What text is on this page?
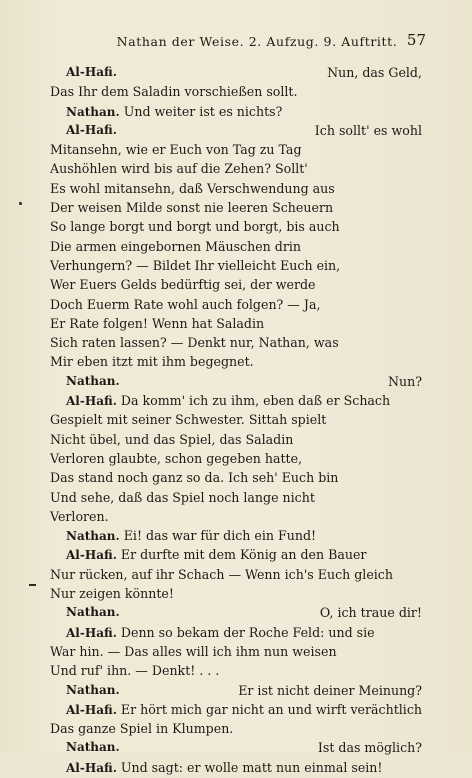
Nathan der Weise. 2. Aufzug. 9. Auftritt. 57
Al-Hafi.	Nun, das Geld,
Das Ihr dem Saladin vorschießen sollt.
Nathan. Und weiter ist es nichts?
Al-Hafi.	Ich sollt' es wohl
Mitansehn, wie er Euch von Tag zu Tag
Aushöhlen wird bis auf die Zehen? Sollt'
Es wohl mitansehn, daß Verschwendung aus
Der weisen Milde sonst nie leeren Scheuern
So lange borgt und borgt und borgt, bis auch
Die armen eingebornen Mäuschen drin
Verhungern? — Bildet Ihr vielleicht Euch ein,
Wer Euers Gelds bedürftig sei, der werde
Doch Euerm Rate wohl auch folgen? — Ja,
Er Rate folgen! Wenn hat Saladin
Sich raten lassen? — Denkt nur, Nathan, was
Mir eben itzt mit ihm begegnet.
Nathan.	Nun?
Al-Hafi. Da komm' ich zu ihm, eben daß er Schach
Gespielt mit seiner Schwester. Sittah spielt
Nicht übel, und das Spiel, das Saladin
Verloren glaubte, schon gegeben hatte,
Das stand noch ganz so da. Ich seh' Euch bin
Und sehe, daß das Spiel noch lange nicht
Verloren.
Nathan. Ei! das war für dich ein Fund!
Al-Hafi. Er durfte mit dem König an den Bauer
Nur rücken, auf ihr Schach — Wenn ich's Euch gleich
Nur zeigen könnte!
Nathan.	O, ich traue dir!
Al-Hafi. Denn so bekam der Roche Feld: und sie
War hin. — Das alles will ich ihm nun weisen
Und ruf' ihn. — Denkt! . . .
Nathan.	Er ist nicht deiner Meinung?
Al-Hafi. Er hört mich gar nicht an und wirft verächtlich
Das ganze Spiel in Klumpen.
Nathan.	Ist das möglich?
Al-Hafi. Und sagt: er wolle matt nun einmal sein!
